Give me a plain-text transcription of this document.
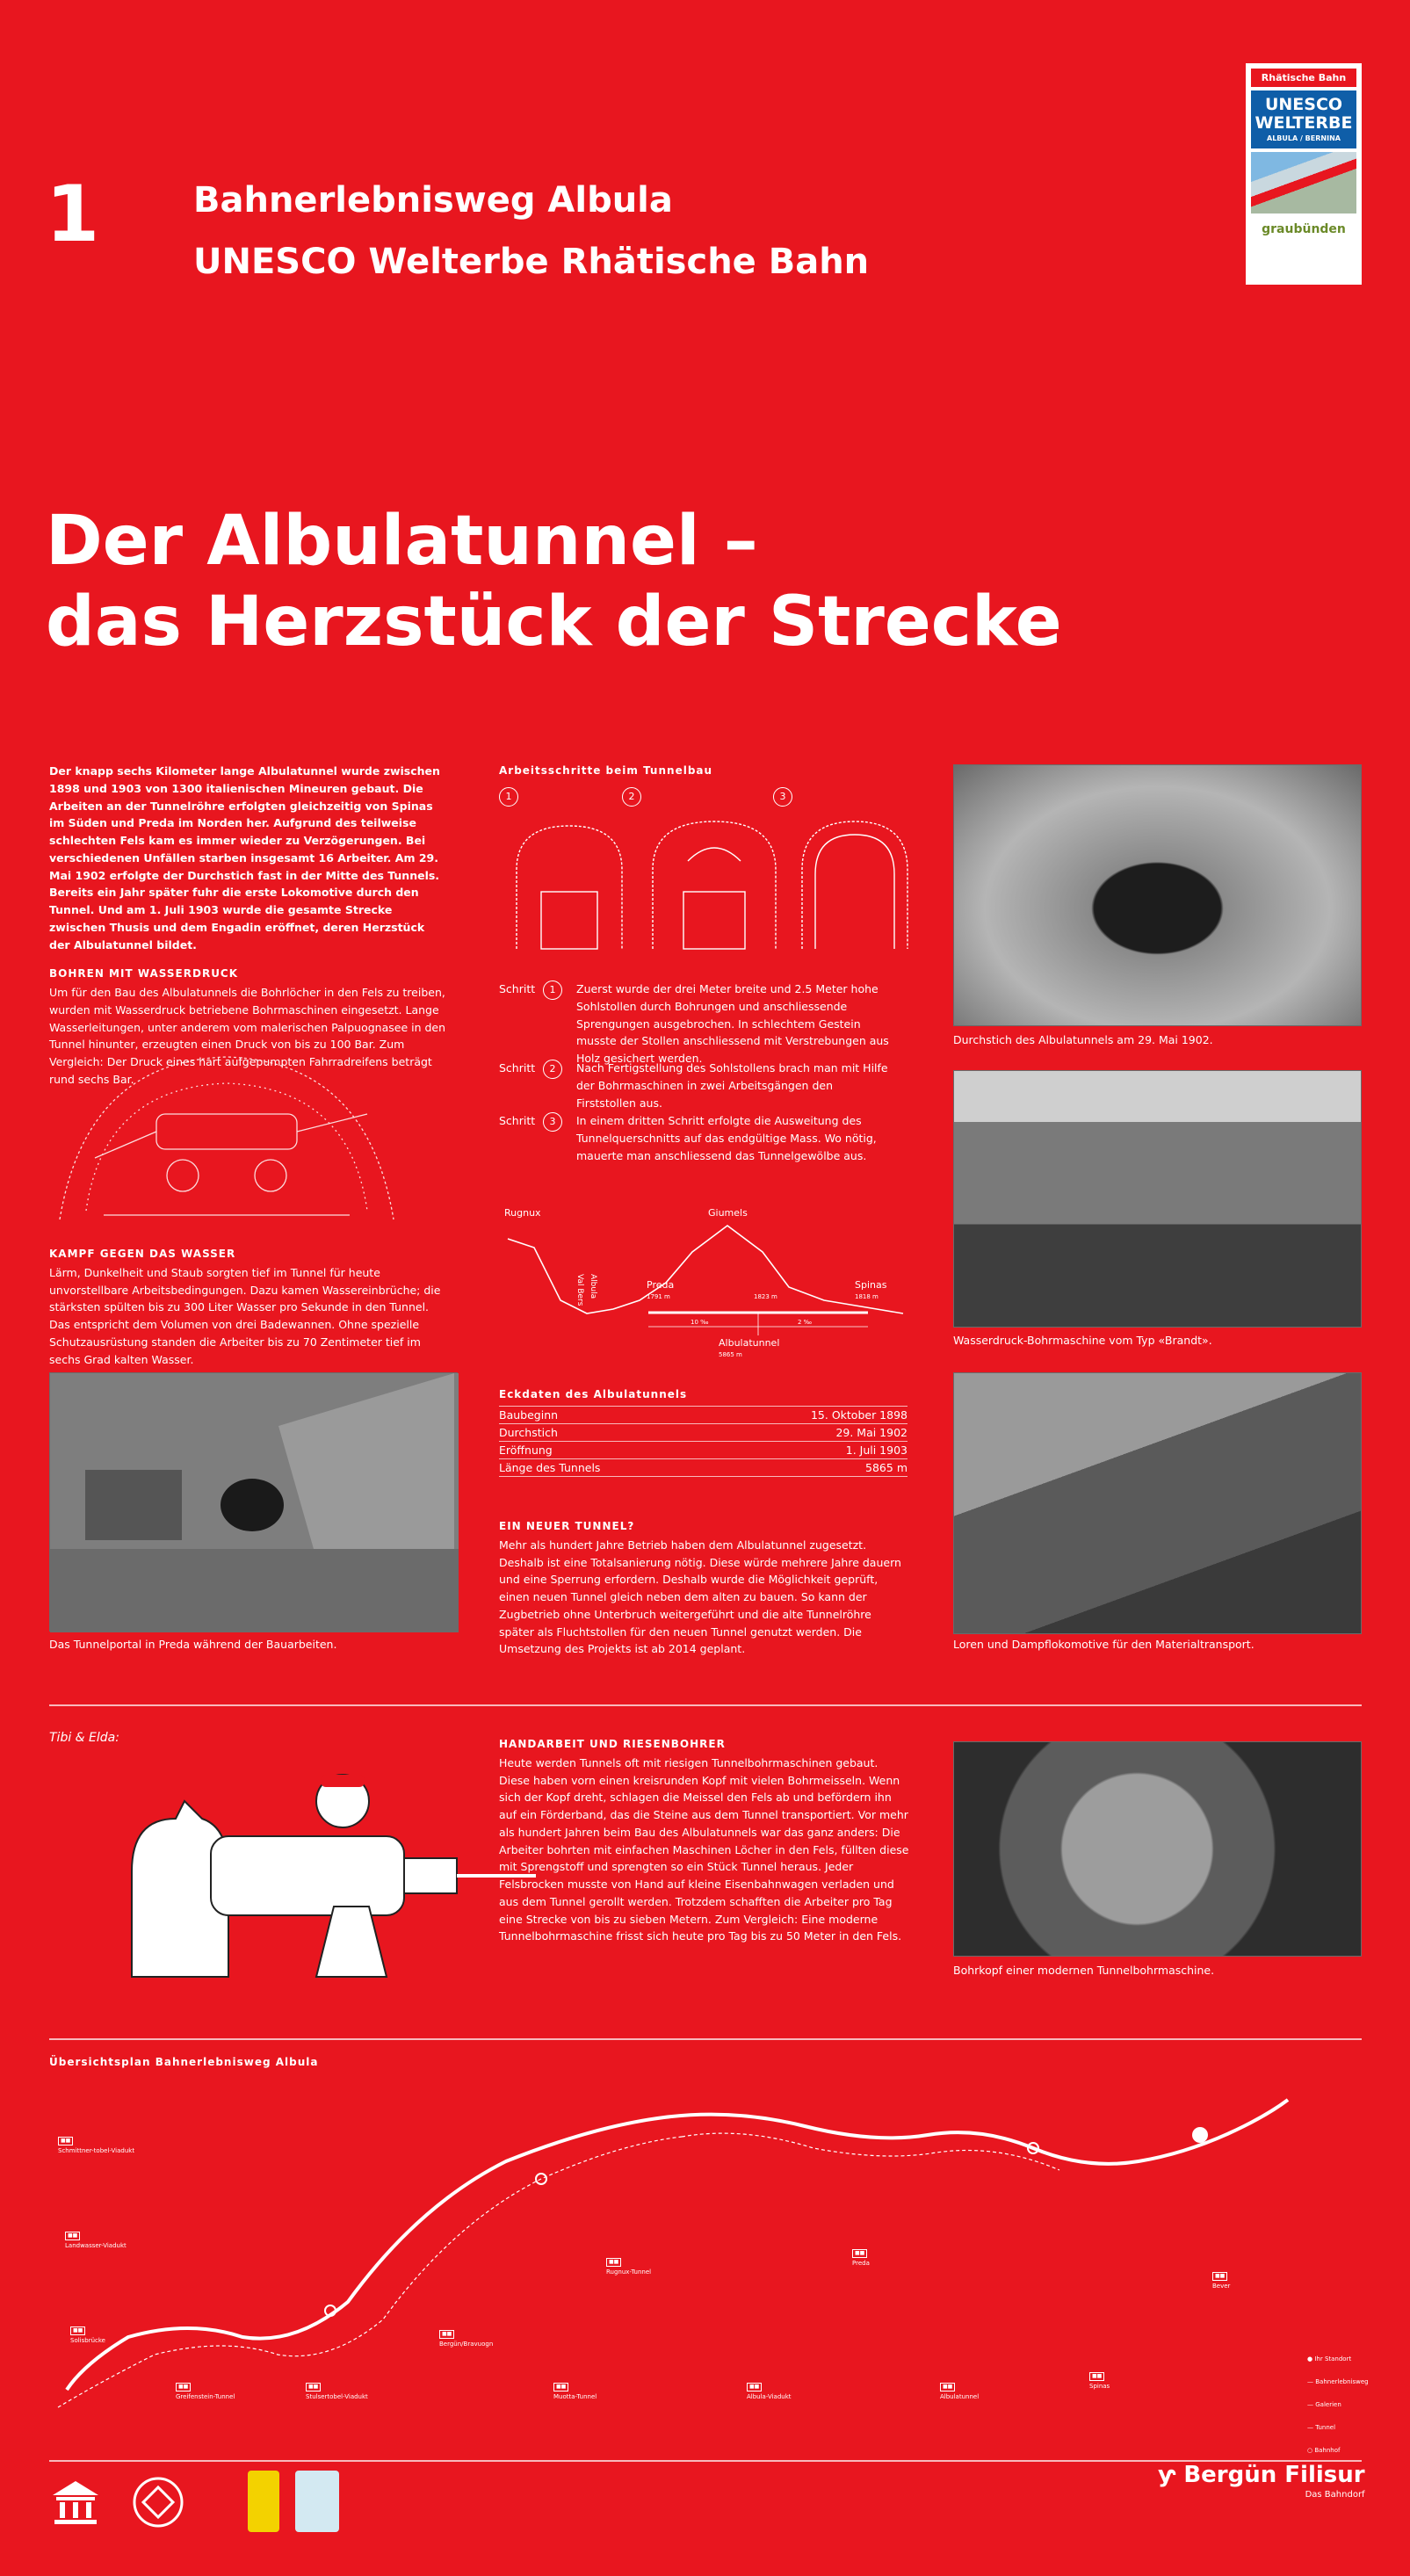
1	Bahnerlebnisweg Albula
UNESCO Welterbe Rhätische Bahn
Rhätische Bahn
UNESCO
WELTERBE
ALBULA / BERNINA
graubünden
Der Albulatunnel –
das Herzstück der Strecke

Der knapp sechs Kilometer lange Albulatunnel wurde zwischen 1898 und 1903 von 1300 italienischen Mineuren gebaut. Die Arbeiten an der Tunnelröhre erfolgten gleichzeitig von Spinas im Süden und Preda im Norden her. Aufgrund des teilweise schlechten Fels kam es immer wieder zu Verzögerungen. Bei verschiedenen Unfällen starben insgesamt 16 Arbeiter. Am 29. Mai 1902 erfolgte der Durchstich fast in der Mitte des Tunnels. Bereits ein Jahr später fuhr die erste Lokomotive durch den Tunnel. Und am 1. Juli 1903 wurde die gesamte Strecke zwischen Thusis und dem Engadin eröffnet, deren Herzstück der Albulatunnel bildet.

BOHREN MIT WASSERDRUCK

Um für den Bau des Albulatunnels die Bohrlöcher in den Fels zu treiben, wurden mit Wasserdruck betriebene Bohrmaschinen eingesetzt. Lange Wasserleitungen, unter anderem vom malerischen Palpuognasee in den Tunnel hinunter, erzeugten einen Druck von bis zu 100 Bar. Zum Vergleich: Der Druck eines hart aufgepumpten Fahrradreifens beträgt rund sechs Bar.

KAMPF GEGEN DAS WASSER

Lärm, Dunkelheit und Staub sorgten tief im Tunnel für heute unvorstellbare Arbeitsbedingungen. Dazu kamen Wassereinbrüche; die stärksten spülten bis zu 300 Liter Wasser pro Sekunde in den Tunnel. Das entspricht dem Volumen von drei Badewannen. Ohne spezielle Schutzausrüstung standen die Arbeiter bis zu 70 Zentimeter tief im sechs Grad kalten Wasser.

Das Tunnelportal in Preda während der Bauarbeiten.
Arbeitsschritte beim Tunnelbau
1	2	3
Schritt	1	Zuerst wurde der drei Meter breite und 2.5 Meter hohe Sohlstollen durch Bohrungen und anschliessende Sprengungen ausgebrochen. In schlechtem Gestein musste der Stollen anschliessend mit Verstrebungen aus Holz gesichert werden.
Schritt	2	Nach Fertigstellung des Sohlstollens brach man mit Hilfe der Bohrmaschinen in zwei Arbeitsgängen den Firststollen aus.
Schritt	3	In einem dritten Schritt erfolgte die Ausweitung des Tunnelquerschnitts auf das endgültige Mass. Wo nötig, mauerte man anschliessend das Tunnelgewölbe aus.
Rugnux
Val Bers Albula	Preda
1791 m
Giumels
1823 m
Spinas
1818 m
10 ‰	2 ‰
Albulatunnel
5865 m
Eckdaten des Albulatunnels
Baubeginn	15. Oktober 1898
Durchstich	29. Mai 1902
Eröffnung	1. Juli 1903
Länge des Tunnels	5865 m
EIN NEUER TUNNEL?

Mehr als hundert Jahre Betrieb haben dem Albulatunnel zugesetzt. Deshalb ist eine Totalsanierung nötig. Diese würde mehrere Jahre dauern und eine Sperrung erfordern. Deshalb wurde die Möglichkeit geprüft, einen neuen Tunnel gleich neben dem alten zu bauen. So kann der Zugbetrieb ohne Unterbruch weitergeführt und die alte Tunnelröhre später als Fluchtstollen für den neuen Tunnel genutzt werden. Die Umsetzung des Projekts ist ab 2014 geplant.

Durchstich des Albulatunnels am 29. Mai 1902.
Wasserdruck-Bohrmaschine vom Typ «Brandt».
Loren und Dampflokomotive für den Materialtransport.
Tibi & Elda:	HANDARBEIT UND RIESENBOHRER

Heute werden Tunnels oft mit riesigen Tunnelbohrmaschinen gebaut. Diese haben vorn einen kreisrunden Kopf mit vielen Bohrmeisseln. Wenn sich der Kopf dreht, schlagen die Meissel den Fels ab und befördern ihn auf ein Förderband, das die Steine aus dem Tunnel transportiert. Vor mehr als hundert Jahren beim Bau des Albulatunnels war das ganz anders: Die Arbeiter bohrten mit einfachen Maschinen Löcher in den Fels, füllten diese mit Sprengstoff und sprengten so ein Stück Tunnel heraus. Jeder Felsbrocken musste von Hand auf kleine Eisenbahnwagen verladen und aus dem Tunnel gerollt werden. Trotzdem schafften die Arbeiter pro Tag eine Strecke von bis zu sieben Metern. Zum Vergleich: Eine moderne Tunnelbohrmaschine frisst sich heute pro Tag bis zu 50 Meter in den Fels.

Bohrkopf einer modernen Tunnelbohrmaschine.
Übersichtsplan Bahnerlebnisweg Albula
■■
Schmittner-tobel-Viadukt
■■
Landwasser-Viadukt
■■
Solisbrücke
■■
Greifenstein-Tunnel
■■
Stulsertobel-Viadukt
■■
Bergün/Bravuogn
■■
Muotta-Tunnel
■■
Rugnux-Tunnel
■■
Albula-Viadukt
■■
Preda
■■
Albulatunnel
■■
Spinas
■■
Bever
● Ihr Standort
— Bahnerlebnisweg
— Galerien
— Tunnel
○ Bahnhof
ƴ Bergün Filisur
Das Bahndorf
